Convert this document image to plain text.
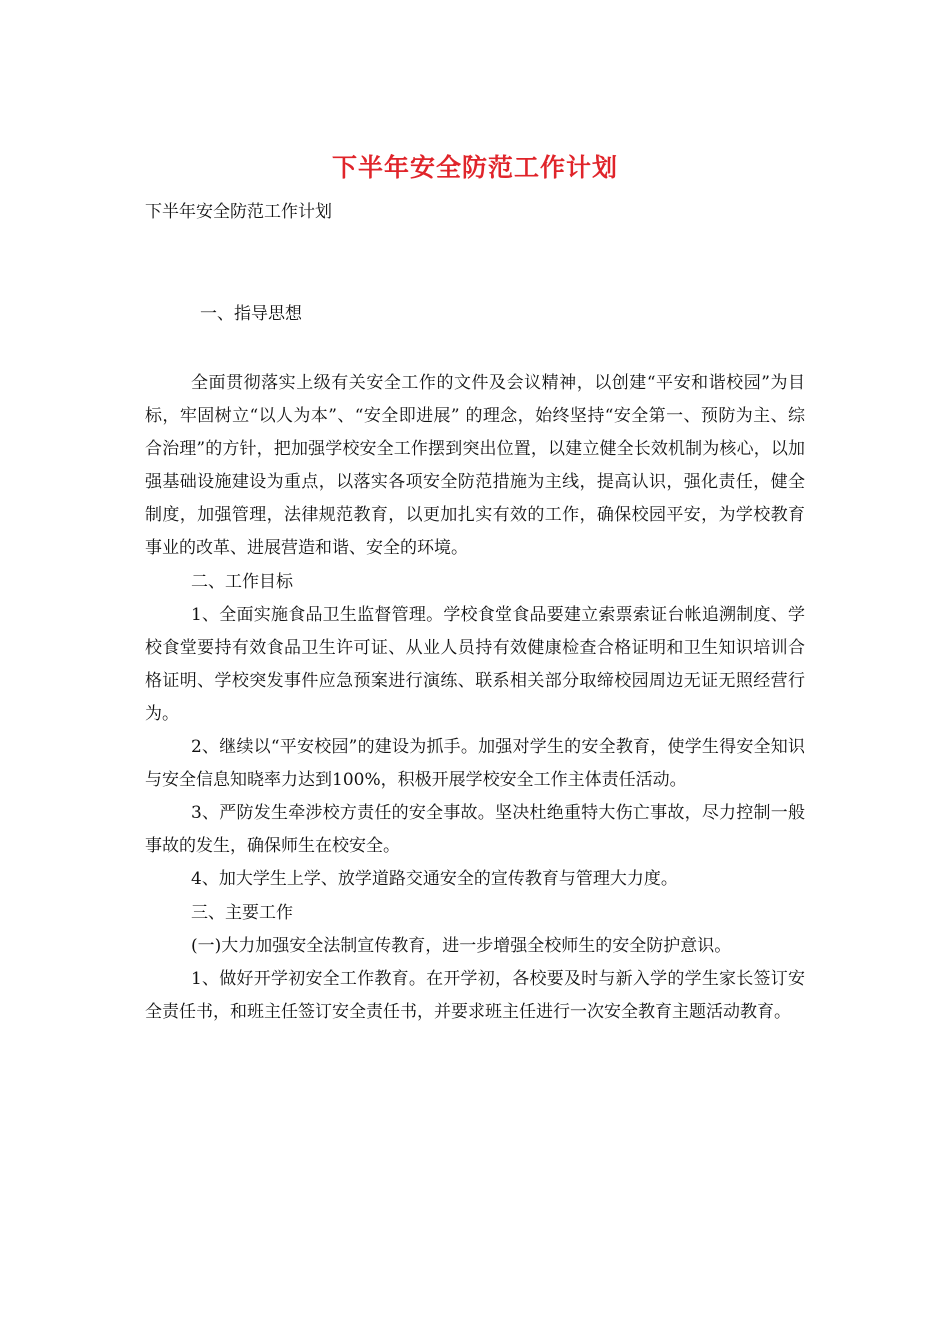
下半年安全防范工作计划
下半年安全防范工作计划
一、指导思想

全面贯彻落实上级有关安全工作的文件及会议精神，以创建“平安和谐校园”为目标，牢固树立“以人为本”、“安全即进展” 的理念，始终坚持“安全第一、预防为主、综合治理”的方针，把加强学校安全工作摆到突出位置，以建立健全长效机制为核心，以加强基础设施建设为重点，以落实各项安全防范措施为主线，提高认识，强化责任，健全制度，加强管理，法律规范教育，以更加扎实有效的工作，确保校园平安，为学校教育事业的改革、进展营造和谐、安全的环境。

二、工作目标

1、全面实施食品卫生监督管理。学校食堂食品要建立索票索证台帐追溯制度、学校食堂要持有效食品卫生许可证、从业人员持有效健康检查合格证明和卫生知识培训合格证明、学校突发事件应急预案进行演练、联系相关部分取缔校园周边无证无照经营行为。

2、继续以“平安校园”的建设为抓手。加强对学生的安全教育，使学生得安全知识与安全信息知晓率力达到100%，积极开展学校安全工作主体责任活动。

3、严防发生牵涉校方责任的安全事故。坚决杜绝重特大伤亡事故，尽力控制一般事故的发生，确保师生在校安全。

4、加大学生上学、放学道路交通安全的宣传教育与管理大力度。

三、主要工作

(一)大力加强安全法制宣传教育，进一步增强全校师生的安全防护意识。

1、做好开学初安全工作教育。在开学初，各校要及时与新入学的学生家长签订安全责任书，和班主任签订安全责任书，并要求班主任进行一次安全教育主题活动教育。
